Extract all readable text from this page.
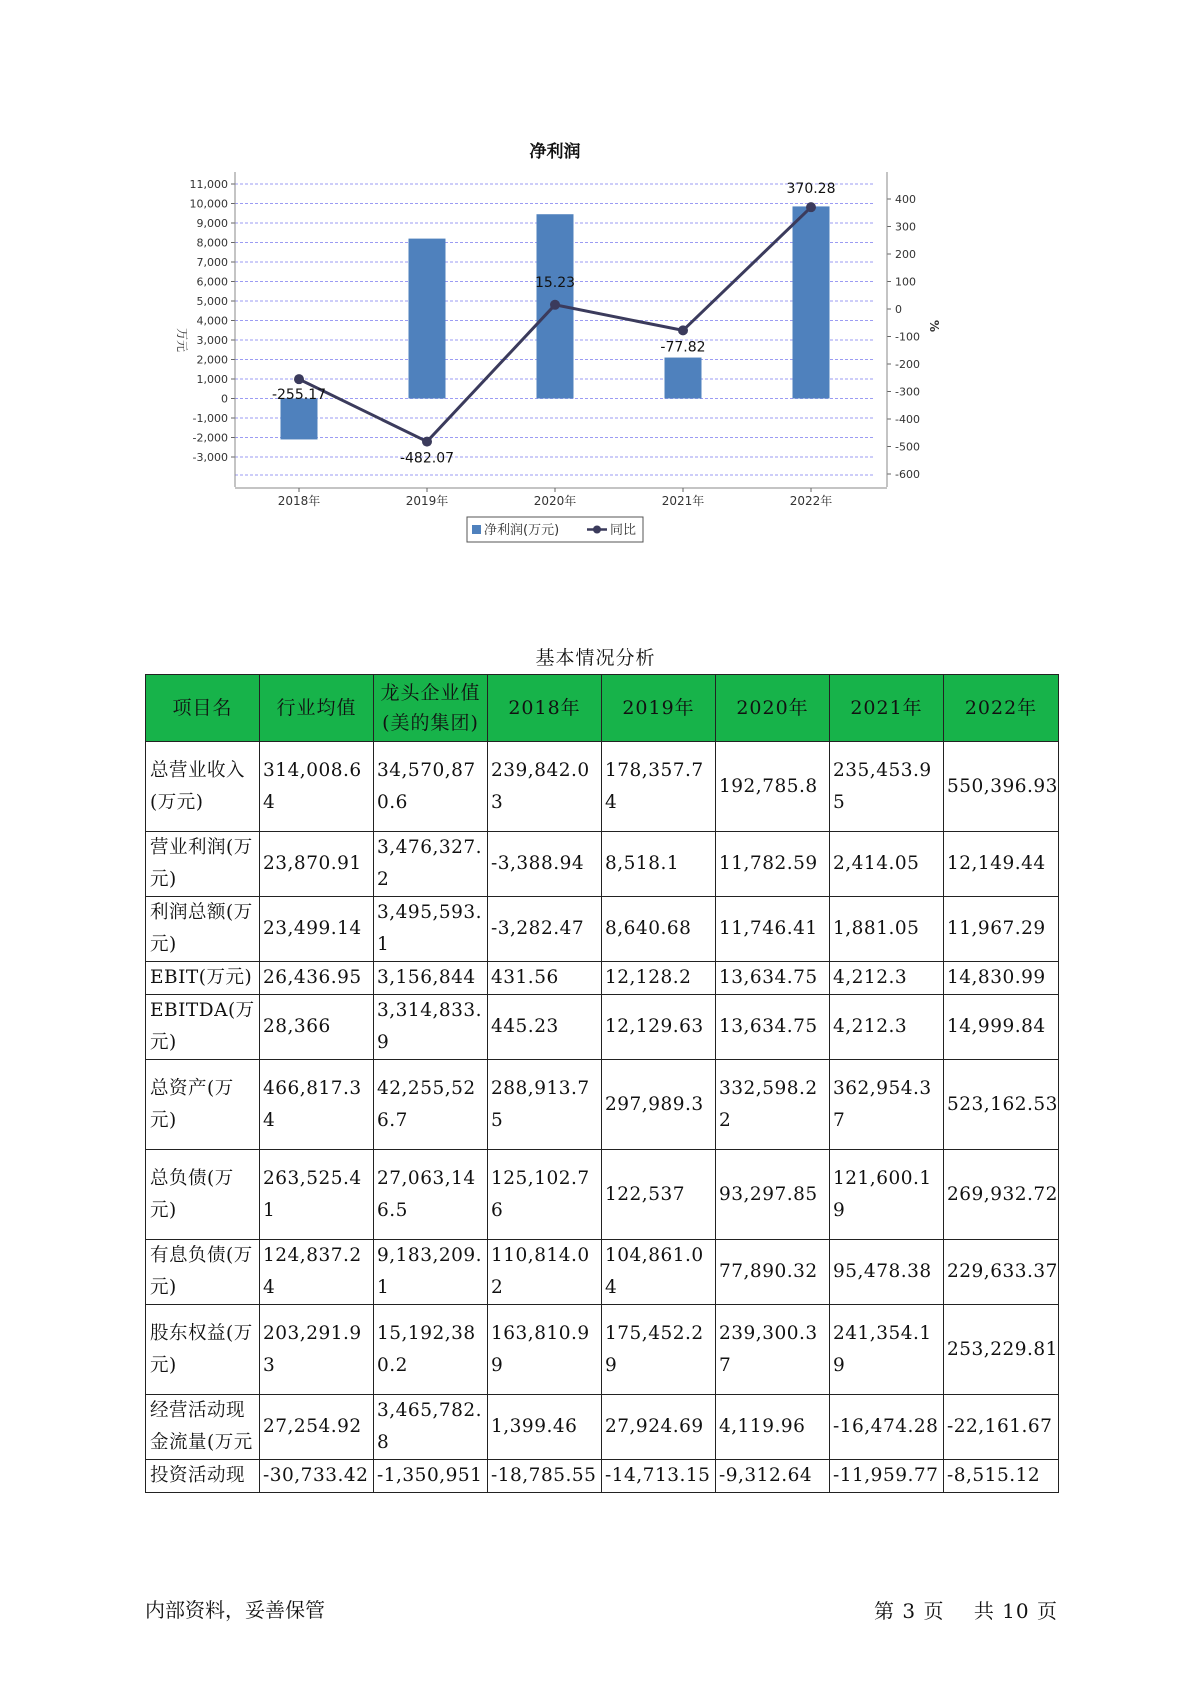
净利润
-255.17
-482.07
15.23
-77.82
370.28
11,000
10,000
9,000
8,000
7,000
6,000
5,000
4,000
3,000
2,000
1,000
0
-1,000
-2,000
-3,000
400
300
200
100
0
-100
-200
-300
-400
-500
-600
2018年	2019年	2020年	2021年	2022年
万元
%
净利润(万元)	同比
基本情况分析
项目名	行业均值	龙头企业值(美的集团)	2018年	2019年	2020年	2021年	2022年
总营业收入(万元)	314,008.64	34,570,870.6	239,842.03	178,357.74	192,785.8	235,453.95	550,396.93
营业利润(万元)	23,870.91	3,476,327.2	-3,388.94	8,518.1	11,782.59	2,414.05	12,149.44
利润总额(万元)	23,499.14	3,495,593.1	-3,282.47	8,640.68	11,746.41	1,881.05	11,967.29
EBIT(万元)	26,436.95	3,156,844	431.56	12,128.2	13,634.75	4,212.3	14,830.99
EBITDA(万元)	28,366	3,314,833.9	445.23	12,129.63	13,634.75	4,212.3	14,999.84
总资产(万元)	466,817.34	42,255,526.7	288,913.75	297,989.3	332,598.22	362,954.37	523,162.53
总负债(万元)	263,525.41	27,063,146.5	125,102.76	122,537	93,297.85	121,600.19	269,932.72
有息负债(万元)	124,837.24	9,183,209.1	110,814.02	104,861.04	77,890.32	95,478.38	229,633.37
股东权益(万元)	203,291.93	15,192,380.2	163,810.99	175,452.29	239,300.37	241,354.19	253,229.81
经营活动现金流量(万元	27,254.92	3,465,782.8	1,399.46	27,924.69	4,119.96	-16,474.28	-22,161.67
投资活动现	-30,733.42	-1,350,951	-18,785.55	-14,713.15	-9,312.64	-11,959.77	-8,515.12
内部资料，妥善保管	第 3 页 共 10 页
